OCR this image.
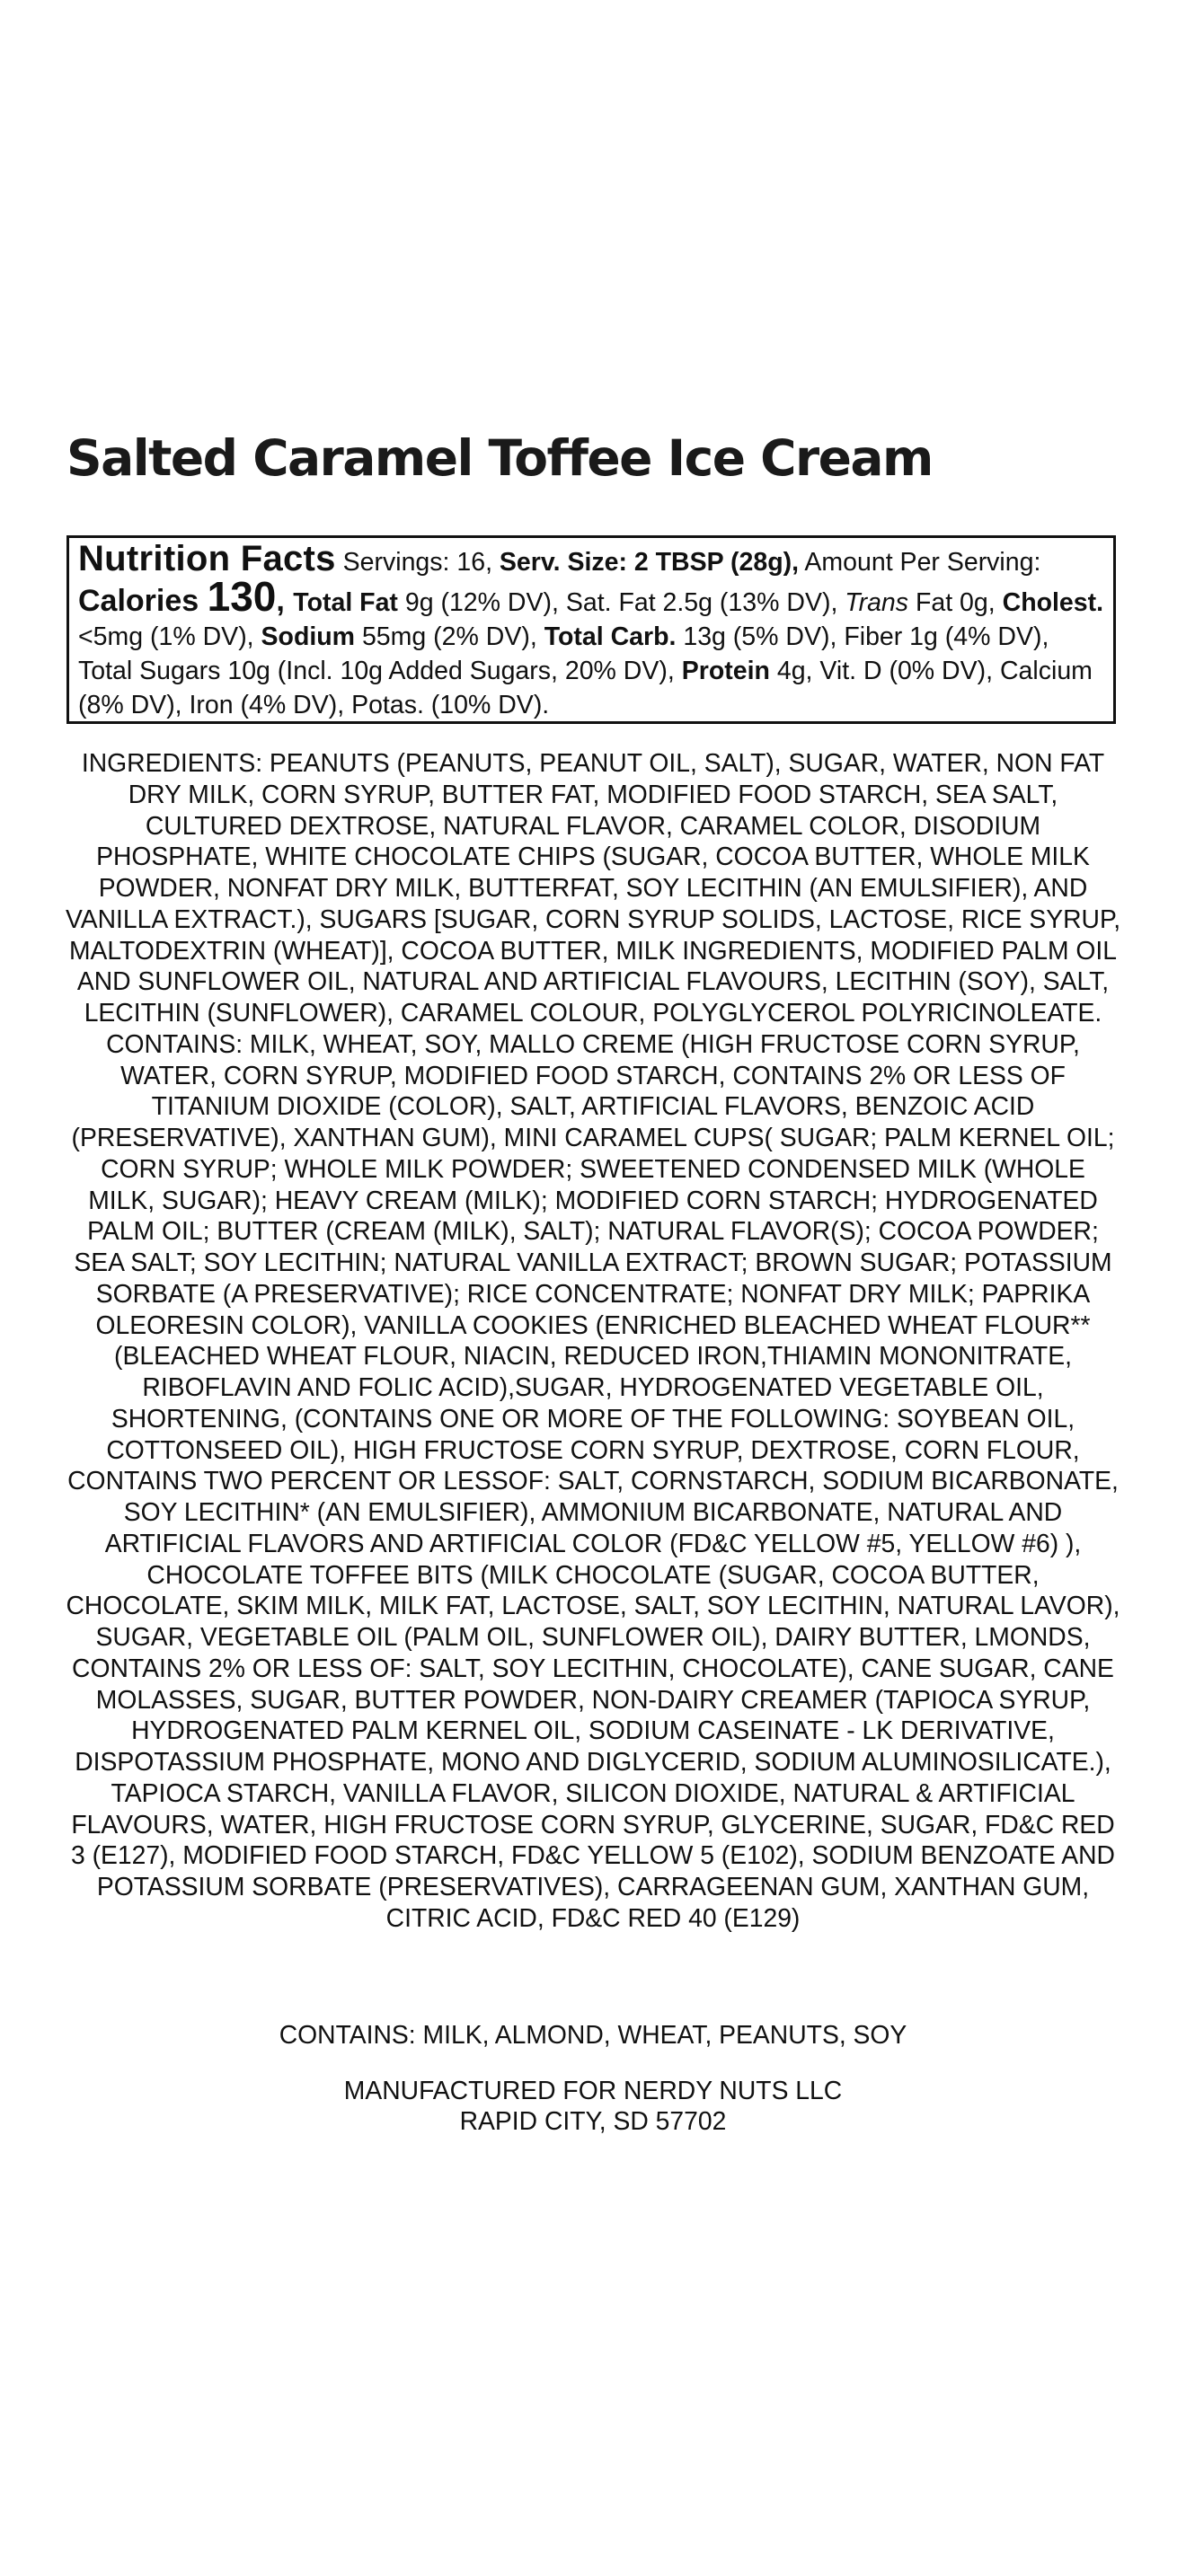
Salted Caramel Toffee Ice Cream
Nutrition Facts Servings: 16, Serv. Size: 2 TBSP (28g), Amount Per Serving: Calories 130, Total Fat 9g (12% DV), Sat. Fat 2.5g (13% DV), Trans Fat 0g, Cholest. <5mg (1% DV), Sodium 55mg (2% DV), Total Carb. 13g (5% DV), Fiber 1g (4% DV), Total Sugars 10g (Incl. 10g Added Sugars, 20% DV), Protein 4g, Vit. D (0% DV), Calcium (8% DV), Iron (4% DV), Potas. (10% DV).

INGREDIENTS: PEANUTS (PEANUTS, PEANUT OIL, SALT), SUGAR, WATER, NON FAT DRY MILK, CORN SYRUP, BUTTER FAT, MODIFIED FOOD STARCH, SEA SALT, CULTURED DEXTROSE, NATURAL FLAVOR, CARAMEL COLOR, DISODIUM PHOSPHATE, WHITE CHOCOLATE CHIPS (SUGAR, COCOA BUTTER, WHOLE MILK POWDER, NONFAT DRY MILK, BUTTERFAT, SOY LECITHIN (AN EMULSIFIER), AND VANILLA EXTRACT.), SUGARS [SUGAR, CORN SYRUP SOLIDS, LACTOSE, RICE SYRUP, MALTODEXTRIN (WHEAT)], COCOA BUTTER, MILK INGREDIENTS, MODIFIED PALM OIL AND SUNFLOWER OIL, NATURAL AND ARTIFICIAL FLAVOURS, LECITHIN (SOY), SALT, LECITHIN (SUNFLOWER), CARAMEL COLOUR, POLYGLYCEROL POLYRICINOLEATE. CONTAINS: MILK, WHEAT, SOY, MALLO CREME (HIGH FRUCTOSE CORN SYRUP, WATER, CORN SYRUP, MODIFIED FOOD STARCH, CONTAINS 2% OR LESS OF TITANIUM DIOXIDE (COLOR), SALT, ARTIFICIAL FLAVORS, BENZOIC ACID (PRESERVATIVE), XANTHAN GUM), MINI CARAMEL CUPS( SUGAR; PALM KERNEL OIL; CORN SYRUP; WHOLE MILK POWDER; SWEETENED CONDENSED MILK (WHOLE MILK, SUGAR); HEAVY CREAM (MILK); MODIFIED CORN STARCH; HYDROGENATED PALM OIL; BUTTER (CREAM (MILK), SALT); NATURAL FLAVOR(S); COCOA POWDER; SEA SALT; SOY LECITHIN; NATURAL VANILLA EXTRACT; BROWN SUGAR; POTASSIUM SORBATE (A PRESERVATIVE); RICE CONCENTRATE; NONFAT DRY MILK; PAPRIKA OLEORESIN COLOR), VANILLA COOKIES (ENRICHED BLEACHED WHEAT FLOUR** (BLEACHED WHEAT FLOUR, NIACIN, REDUCED IRON,THIAMIN MONONITRATE, RIBOFLAVIN AND FOLIC ACID),SUGAR, HYDROGENATED VEGETABLE OIL, SHORTENING, (CONTAINS ONE OR MORE OF THE FOLLOWING: SOYBEAN OIL, COTTONSEED OIL), HIGH FRUCTOSE CORN SYRUP, DEXTROSE, CORN FLOUR, CONTAINS TWO PERCENT OR LESSOF: SALT, CORNSTARCH, SODIUM BICARBONATE, SOY LECITHIN* (AN EMULSIFIER), AMMONIUM BICARBONATE, NATURAL AND ARTIFICIAL FLAVORS AND ARTIFICIAL COLOR (FD&C YELLOW #5, YELLOW #6) ), CHOCOLATE TOFFEE BITS (MILK CHOCOLATE (SUGAR, COCOA BUTTER, CHOCOLATE, SKIM MILK, MILK FAT, LACTOSE, SALT, SOY LECITHIN, NATURAL LAVOR), SUGAR, VEGETABLE OIL (PALM OIL, SUNFLOWER OIL), DAIRY BUTTER, LMONDS, CONTAINS 2% OR LESS OF: SALT, SOY LECITHIN, CHOCOLATE), CANE SUGAR, CANE MOLASSES, SUGAR, BUTTER POWDER, NON-DAIRY CREAMER (TAPIOCA SYRUP, HYDROGENATED PALM KERNEL OIL, SODIUM CASEINATE - LK DERIVATIVE, DISPOTASSIUM PHOSPHATE, MONO AND DIGLYCERID, SODIUM ALUMINOSILICATE.), TAPIOCA STARCH, VANILLA FLAVOR, SILICON DIOXIDE, NATURAL & ARTIFICIAL FLAVOURS, WATER, HIGH FRUCTOSE CORN SYRUP, GLYCERINE, SUGAR, FD&C RED 3 (E127), MODIFIED FOOD STARCH, FD&C YELLOW 5 (E102), SODIUM BENZOATE AND POTASSIUM SORBATE (PRESERVATIVES), CARRAGEENAN GUM, XANTHAN GUM, CITRIC ACID, FD&C RED 40 (E129)

CONTAINS: MILK, ALMOND, WHEAT, PEANUTS, SOY

MANUFACTURED FOR NERDY NUTS LLC
RAPID CITY, SD 57702
